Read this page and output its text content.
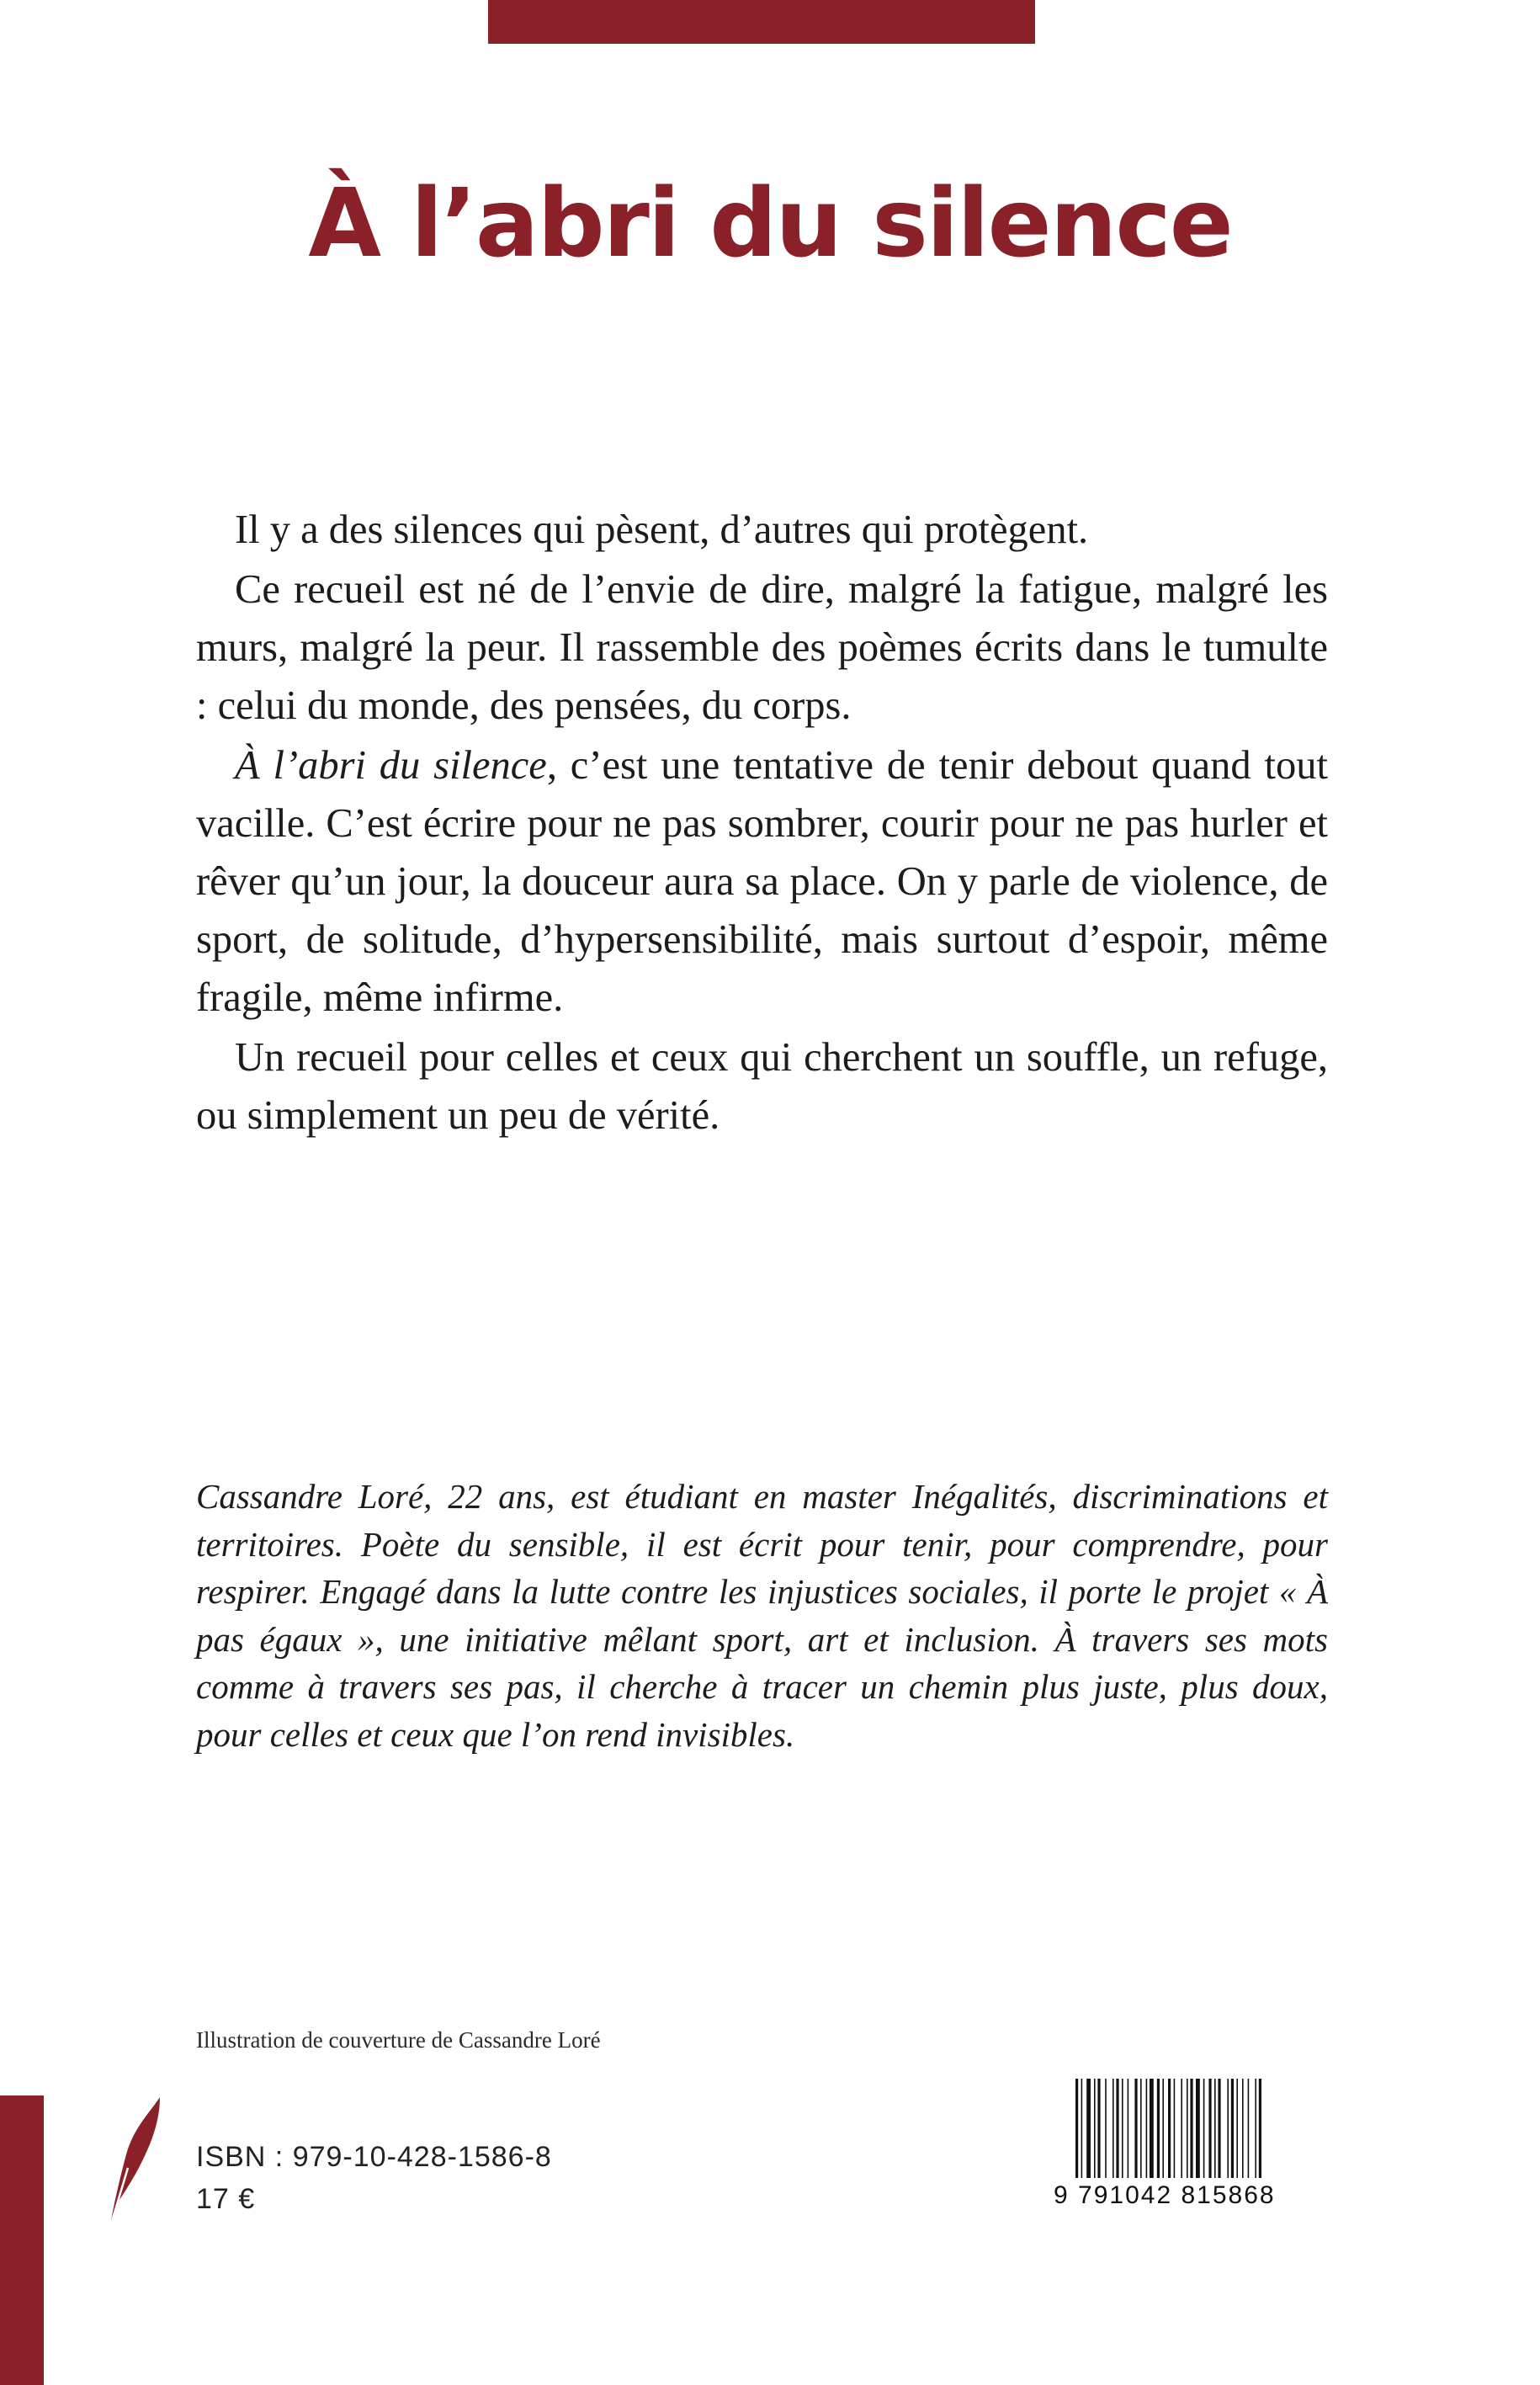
À l’abri du silence

Il y a des silences qui pèsent, d’autres qui protègent.

Ce recueil est né de l’envie de dire, malgré la fatigue, malgré les murs, malgré la peur. Il rassemble des poèmes écrits dans le tumulte : celui du monde, des pensées, du corps.

À l’abri du silence, c’est une tentative de tenir debout quand tout vacille. C’est écrire pour ne pas sombrer, courir pour ne pas hurler et rêver qu’un jour, la douceur aura sa place. On y parle de violence, de sport, de solitude, d’hypersensibilité, mais surtout d’espoir, même fragile, même infirme.

Un recueil pour celles et ceux qui cherchent un souffle, un refuge, ou simplement un peu de vérité.

Cassandre Loré, 22 ans, est étudiant en master Inégalités, discriminations et territoires. Poète du sensible, il est écrit pour tenir, pour comprendre, pour respirer. Engagé dans la lutte contre les injustices sociales, il porte le projet « À pas égaux », une initiative mêlant sport, art et inclusion. À travers ses mots comme à travers ses pas, il cherche à tracer un chemin plus juste, plus doux, pour celles et ceux que l’on rend invisibles.

Illustration de couverture de Cassandre Loré
ISBN : 979-10-428-1586-8
17 €	9 791042 815868
